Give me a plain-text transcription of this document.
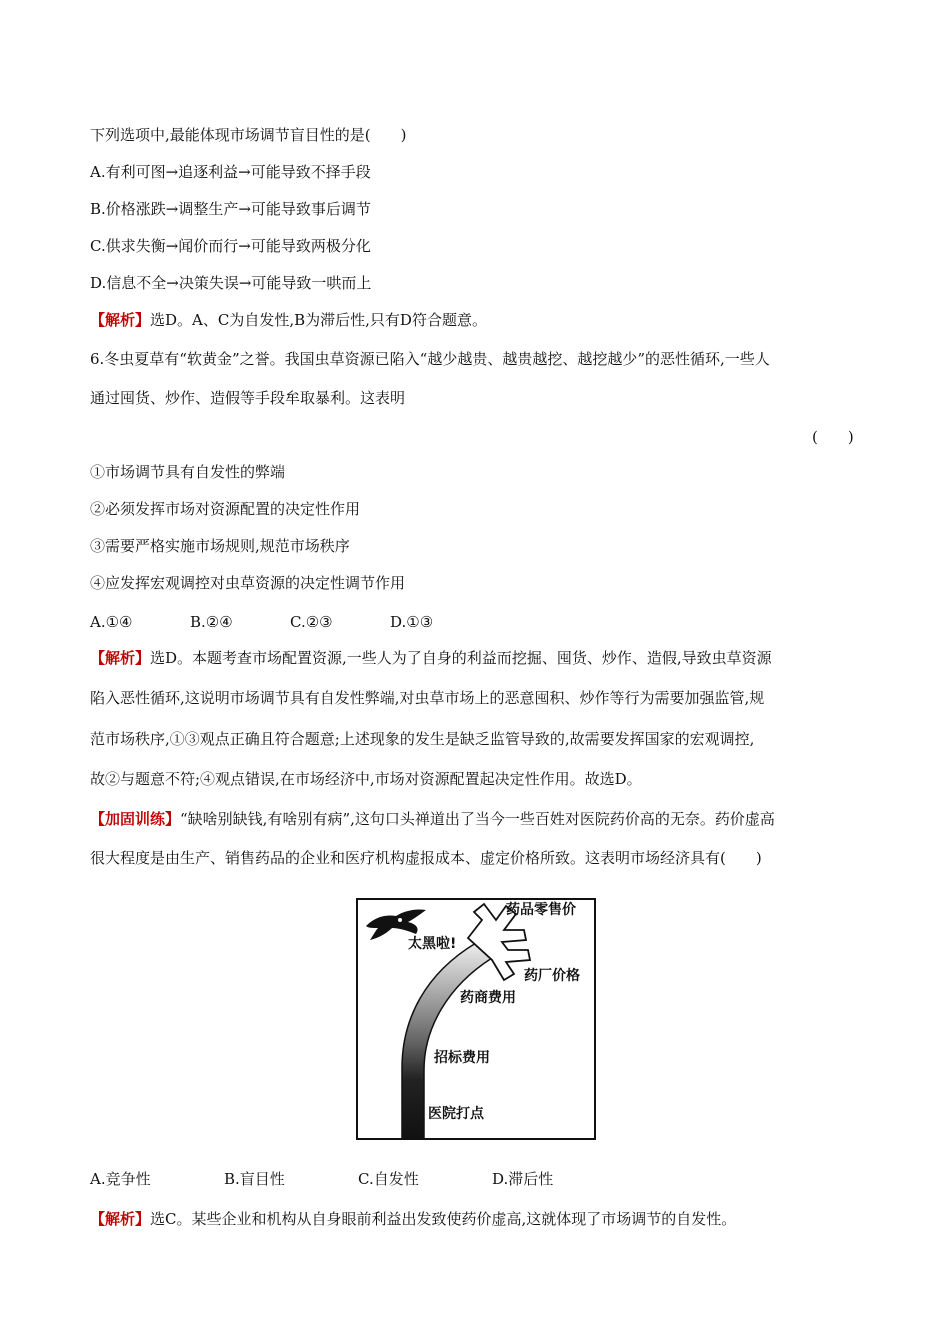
下列选项中,最能体现市场调节盲目性的是(　　)
A.有利可图→追逐利益→可能导致不择手段
B.价格涨跌→调整生产→可能导致事后调节
C.供求失衡→闻价而行→可能导致两极分化
D.信息不全→决策失误→可能导致一哄而上
【解析】选D。A、C为自发性,B为滞后性,只有D符合题意。
6.冬虫夏草有“软黄金”之誉。我国虫草资源已陷入“越少越贵、越贵越挖、越挖越少”的恶性循环,一些人
通过囤货、炒作、造假等手段牟取暴利。这表明
(　　)
①市场调节具有自发性的弊端
②必须发挥市场对资源配置的决定性作用
③需要严格实施市场规则,规范市场秩序
④应发挥宏观调控对虫草资源的决定性调节作用
A.①④	B.②④	C.②③	D.①③
【解析】选D。本题考查市场配置资源,一些人为了自身的利益而挖掘、囤货、炒作、造假,导致虫草资源
陷入恶性循环,这说明市场调节具有自发性弊端,对虫草市场上的恶意囤积、炒作等行为需要加强监管,规
范市场秩序,①③观点正确且符合题意;上述现象的发生是缺乏监管导致的,故需要发挥国家的宏观调控,
故②与题意不符;④观点错误,在市场经济中,市场对资源配置起决定性作用。故选D。
【加固训练】“缺啥别缺钱,有啥别有病”,这句口头禅道出了当今一些百姓对医院药价高的无奈。药价虚高
很大程度是由生产、销售药品的企业和医疗机构虚报成本、虚定价格所致。这表明市场经济具有(　　)
药品零售价
太黑啦!
药厂价格
药商费用
招标费用
医院打点
A.竞争性	B.盲目性	C.自发性	D.滞后性
【解析】选C。某些企业和机构从自身眼前利益出发致使药价虚高,这就体现了市场调节的自发性。
